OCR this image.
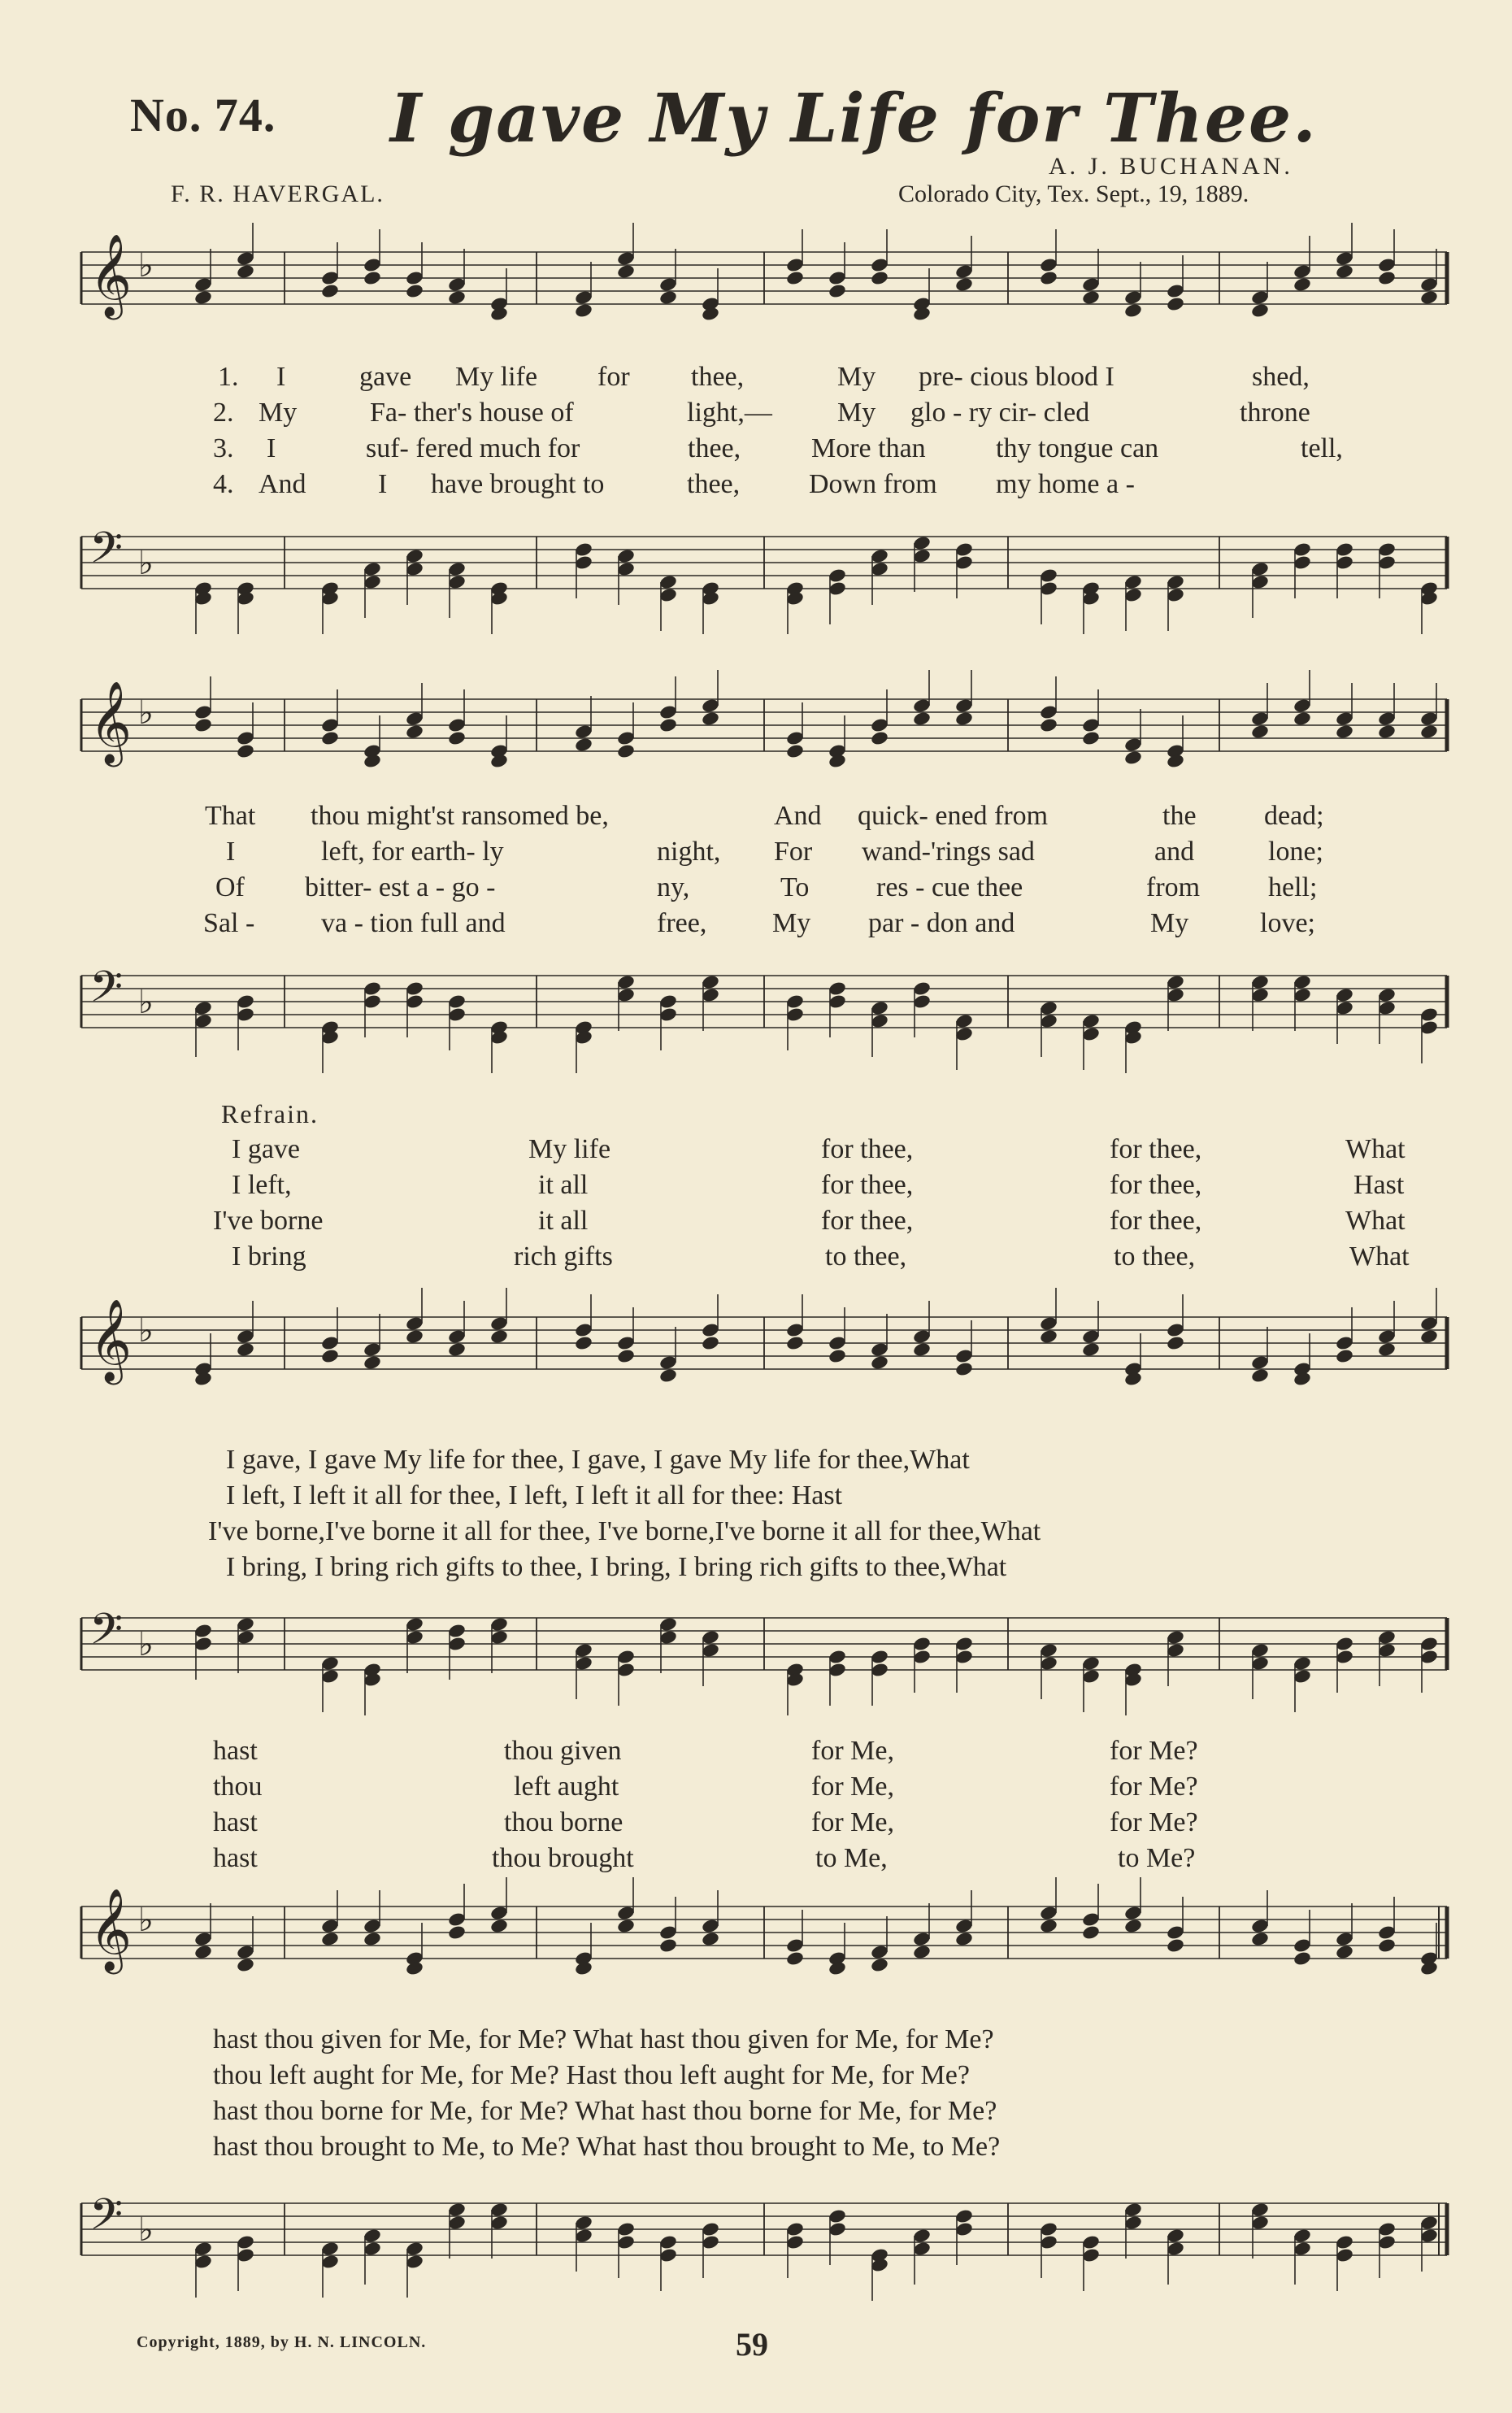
No. 74. I gave My Life for Thee.
A. J. BUCHANAN.
Colorado City, Tex. Sept., 19, 1889.
F. R. HAVERGAL.
𝄞 ♭
1. I	gave My life for thee,	My pre- cious blood I	shed,
2. My	Fa- ther's house of	light,— My glo - ry cir- cled	throne
3. I	suf- fered much for	thee,	More than	thy tongue can	tell,
4. And	I have brought to	thee, Down from my home a -
𝄢 ♭
𝄞 ♭
That thou might'st ransomed be,	And quick- ened from	the dead;
I	left, for earth- ly	night, For wand-'rings sad	and	lone;
Of bitter- est a - go -	ny,	To res - cue thee	from hell;
Sal - va - tion full and	free, My par - don and	My	love;
𝄢 ♭
Refrain.
I gave	My life	for thee,	for thee,	What
I left,	it all	for thee,	for thee,	Hast
I've borne	it all	for thee,	for thee,	What
I bring	rich gifts	to thee,	to thee,	What
𝄞 ♭
I gave, I gave My life for thee, I gave, I gave My life for thee,What
I left, I left it all for thee, I left, I left it all for thee: Hast
I've borne,I've borne it all for thee, I've borne,I've borne it all for thee,What
I bring, I bring rich gifts to thee, I bring, I bring rich gifts to thee,What
𝄢 ♭
hast	thou given	for Me,	for Me?
thou	left aught	for Me,	for Me?
hast	thou borne	for Me,	for Me?
hast	thou brought	to Me,	to Me?
𝄞 ♭
hast thou given for Me, for Me? What hast thou given for Me, for Me?
thou left aught for Me, for Me? Hast thou left aught for Me, for Me?
hast thou borne for Me, for Me? What hast thou borne for Me, for Me?
hast thou brought to Me, to Me? What hast thou brought to Me, to Me?
𝄢 ♭
Copyright, 1889, by H. N. LINCOLN.	59
